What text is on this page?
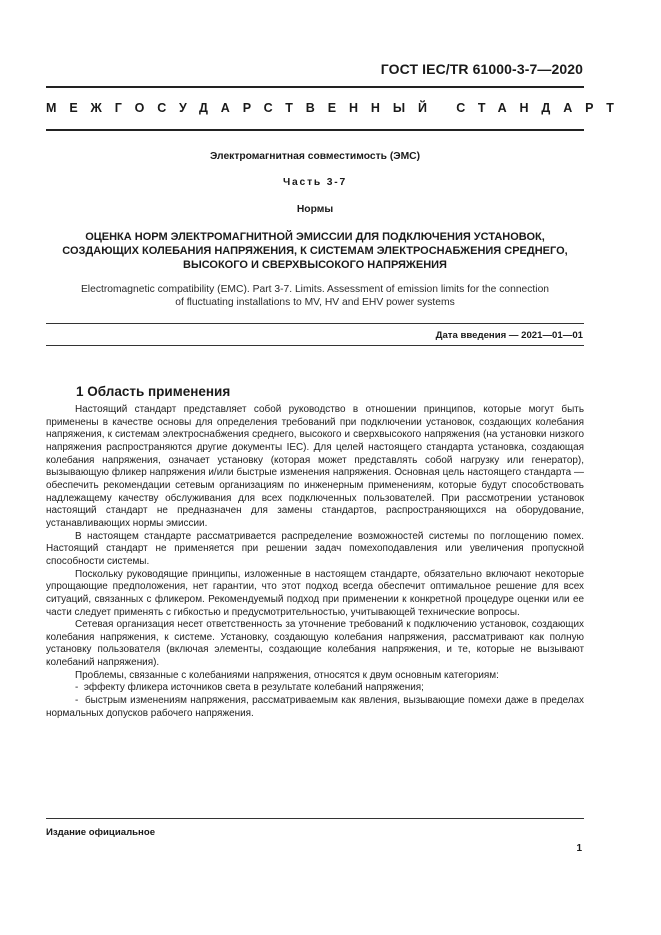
ГОСТ IEC/TR 61000-3-7—2020
МЕЖГОСУДАРСТВЕННЫЙ СТАНДАРТ
Электромагнитная совместимость (ЭМС)
Часть 3-7
Нормы
ОЦЕНКА НОРМ ЭЛЕКТРОМАГНИТНОЙ ЭМИССИИ ДЛЯ ПОДКЛЮЧЕНИЯ УСТАНОВОК,
СОЗДАЮЩИХ КОЛЕБАНИЯ НАПРЯЖЕНИЯ, К СИСТЕМАМ ЭЛЕКТРОСНАБЖЕНИЯ СРЕДНЕГО,
ВЫСОКОГО И СВЕРХВЫСОКОГО НАПРЯЖЕНИЯ
Electromagnetic compatibility (EMC). Part 3-7. Limits. Assessment of emission limits for the connection
of fluctuating installations to MV, HV and EHV power systems
Дата введения — 2021—01—01
1 Область применения

Настоящий стандарт представляет собой руководство в отношении принципов, которые могут быть применены в качестве основы для определения требований при подключении установок, создающих колебания напряжения, к системам электроснабжения среднего, высокого и сверхвысокого напряжения (на установки низкого напряжения распространяются другие документы IEC). Для целей настоящего стандарта установка, создающая колебания напряжения, означает установку (которая может представлять собой нагрузку или генератор), вызывающую фликер напряжения и/или быстрые изменения напряжения. Основная цель настоящего стандарта — обеспечить рекомендации сетевым организациям по инженерным применениям, которые будут способствовать надлежащему качеству обслуживания для всех подключенных пользователей. При рассмотрении установок настоящий стандарт не предназначен для замены стандартов, распространяющихся на оборудование, устанавливающих нормы эмиссии.

В настоящем стандарте рассматривается распределение возможностей системы по поглощению помех. Настоящий стандарт не применяется при решении задач помехоподавления или увеличения пропускной способности системы.

Поскольку руководящие принципы, изложенные в настоящем стандарте, обязательно включают некоторые упрощающие предположения, нет гарантии, что этот подход всегда обеспечит оптимальное решение для всех ситуаций, связанных с фликером. Рекомендуемый подход при применении к конкретной процедуре оценки или ее части следует применять с гибкостью и предусмотрительностью, учитывающей технические вопросы.

Сетевая организация несет ответственность за уточнение требований к подключению установок, создающих колебания напряжения, к системе. Установку, создающую колебания напряжения, рассматривают как полную установку пользователя (включая элементы, создающие колебания напряжения, и те, которые не вызывают колебаний напряжения).

Проблемы, связанные с колебаниями напряжения, относятся к двум основным категориям:

- эффекту фликера источников света в результате колебаний напряжения;

- быстрым изменениям напряжения, рассматриваемым как явления, вызывающие помехи даже в пределах нормальных допусков рабочего напряжения.

Издание официальное
1
